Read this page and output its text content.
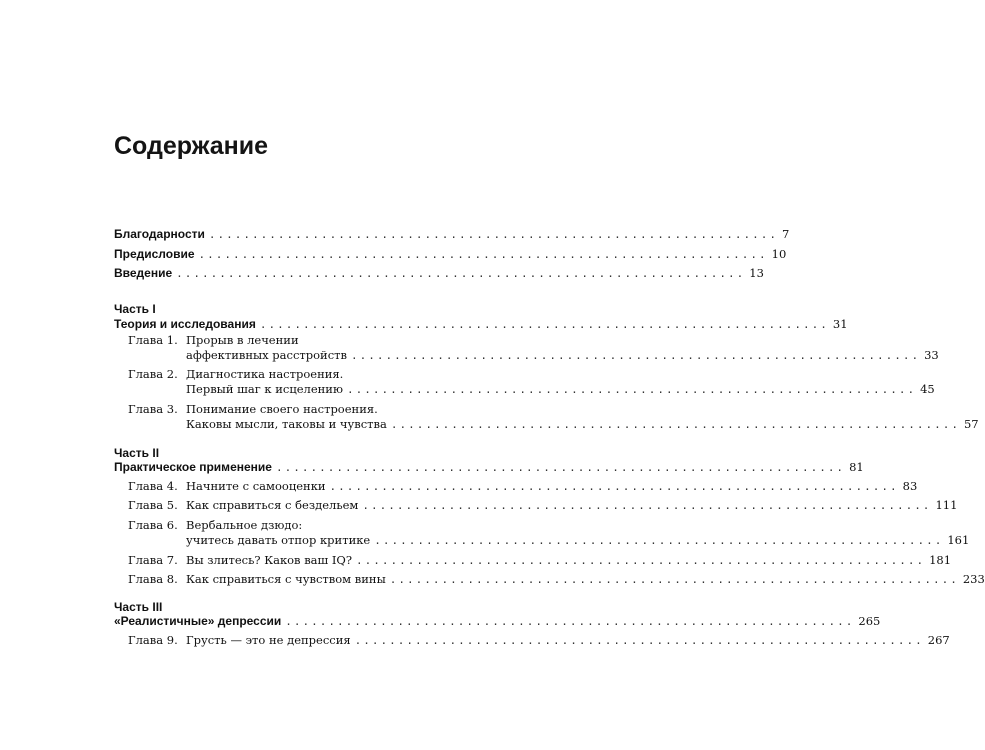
Содержание
Благодарности .................................................................. 7
Предисловие .................................................................. 10
Введение .................................................................. 13
Часть I
Теория и исследования .................................................................. 31
Глава 1. Прорыв в лечении
аффективных расстройств .................................................................. 33
Глава 2. Диагностика настроения.
Первый шаг к исцелению .................................................................. 45
Глава 3. Понимание своего настроения.
Каковы мысли, таковы и чувства .................................................................. 57
Часть II
Практическое применение .................................................................. 81
Глава 4. Начните с самооценки .................................................................. 83
Глава 5. Как справиться с бездельем .................................................................. 111
Глава 6. Вербальное дзюдо:
учитесь давать отпор критике .................................................................. 161
Глава 7. Вы злитесь? Каков ваш IQ? .................................................................. 181
Глава 8. Как справиться с чувством вины .................................................................. 233
Часть III
«Реалистичные» депрессии .................................................................. 265
Глава 9. Грусть — это не депрессия .................................................................. 267
